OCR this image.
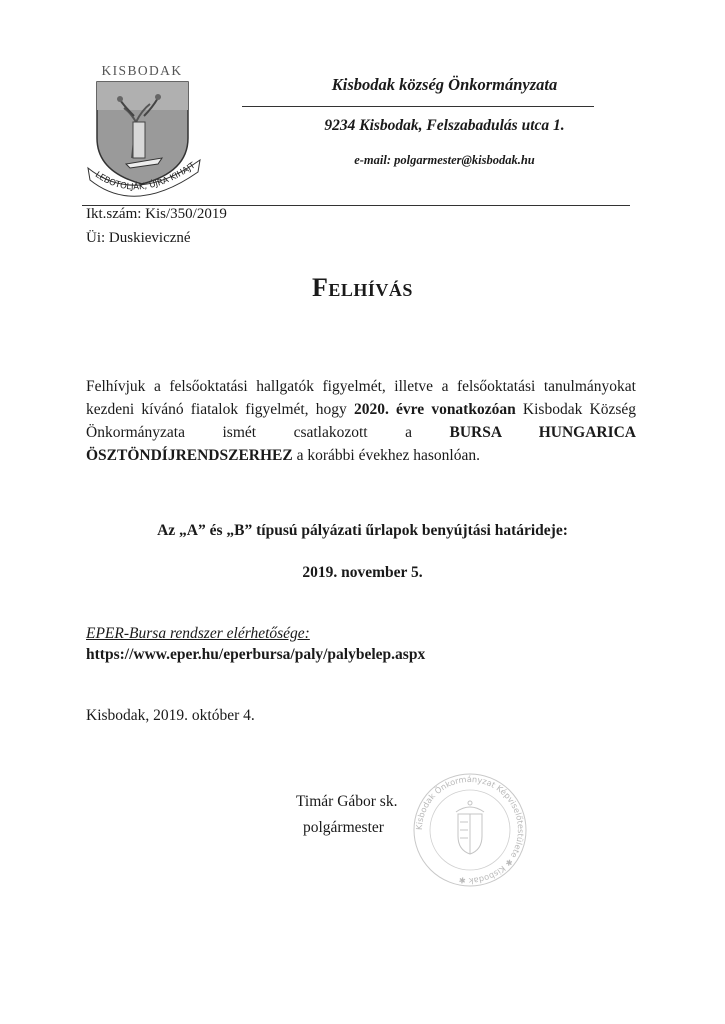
KISBODAK
LEBOTOLJÁK, ÚJRA KIHAJT
Kisbodak község Önkormányzata
9234 Kisbodak, Felszabadulás utca 1.
e-mail: polgarmester@kisbodak.hu
Ikt.szám: Kis/350/2019
Üi: Duskieviczné
Felhívás
Felhívjuk a felsőoktatási hallgatók figyelmét, illetve a felsőoktatási tanulmányokat kezdeni kívánó fiatalok figyelmét, hogy 2020. évre vonatkozóan Kisbodak Község Önkormányzata ismét csatlakozott a BURSA HUNGARICA ÖSZTÖNDÍJRENDSZERHEZ a korábbi évekhez hasonlóan.
Az „A” és „B” típusú pályázati űrlapok benyújtási határideje:
2019. november 5.
EPER-Bursa rendszer elérhetősége:
https://www.eper.hu/eperbursa/paly/palybelep.aspx
Kisbodak, 2019. október 4.
Timár Gábor sk.
polgármester	Kisbodak Önkormányzat Képviselőtestülete ✱ Kisbodak ✱
